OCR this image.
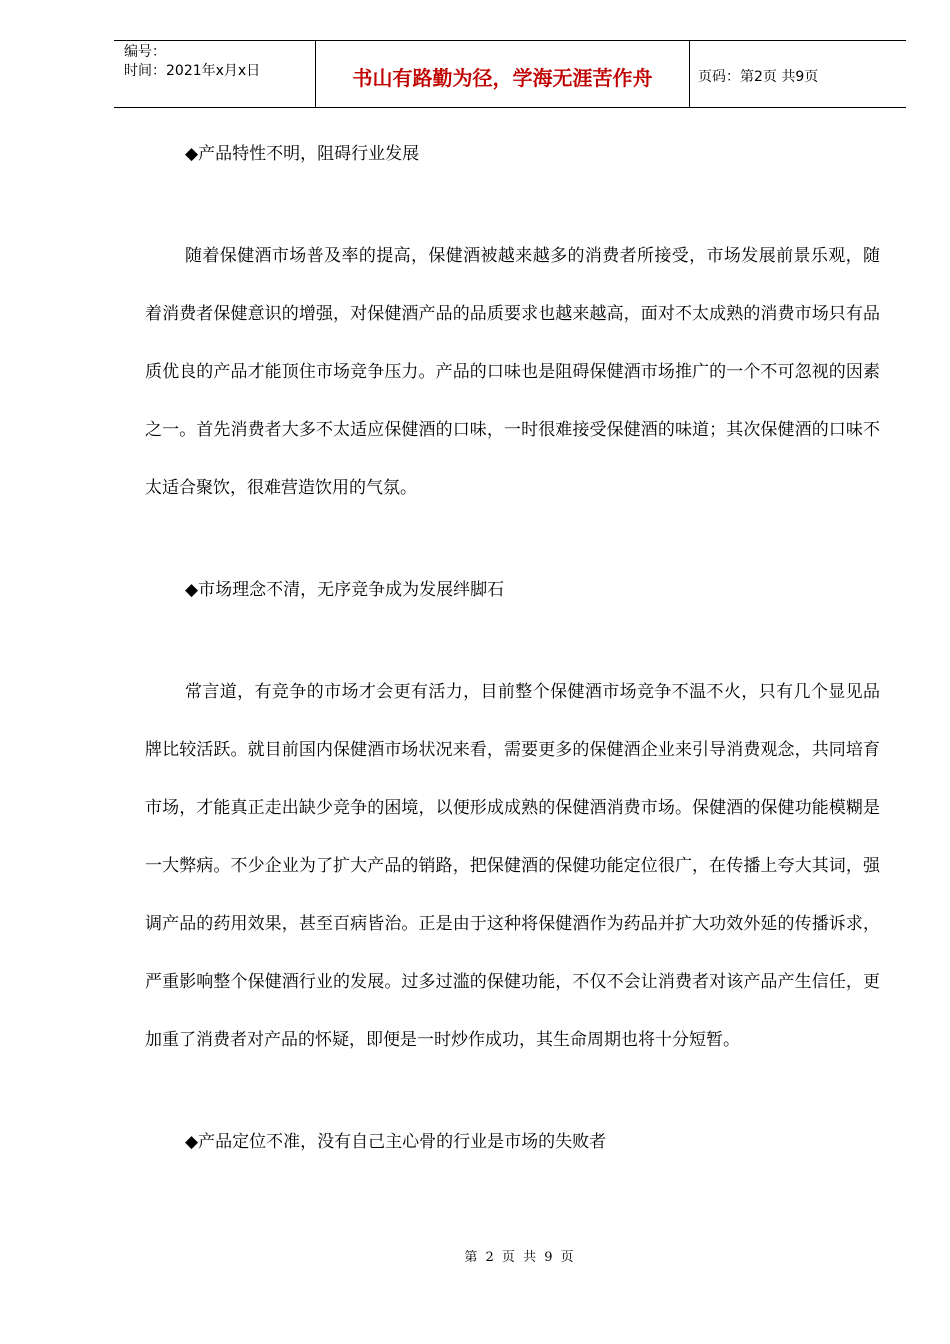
编号：
时间：2021年x月x日	书山有路勤为径，学海无涯苦作舟	页码：第2页 共9页

◆产品特性不明，阻碍行业发展

随着保健酒市场普及率的提高，保健酒被越来越多的消费者所接受，市场发展前景乐观，随着消费者保健意识的增强，对保健酒产品的品质要求也越来越高，面对不太成熟的消费市场只有品质优良的产品才能顶住市场竞争压力。产品的口味也是阻碍保健酒市场推广的一个不可忽视的因素之一。首先消费者大多不太适应保健酒的口味，一时很难接受保健酒的味道；其次保健酒的口味不太适合聚饮，很难营造饮用的气氛。

◆市场理念不清，无序竞争成为发展绊脚石

常言道，有竞争的市场才会更有活力，目前整个保健酒市场竞争不温不火，只有几个显见品牌比较活跃。就目前国内保健酒市场状况来看，需要更多的保健酒企业来引导消费观念，共同培育市场，才能真正走出缺少竞争的困境，以便形成成熟的保健酒消费市场。保健酒的保健功能模糊是一大弊病。不少企业为了扩大产品的销路，把保健酒的保健功能定位很广，在传播上夸大其词，强调产品的药用效果，甚至百病皆治。正是由于这种将保健酒作为药品并扩大功效外延的传播诉求，严重影响整个保健酒行业的发展。过多过滥的保健功能，不仅不会让消费者对该产品产生信任，更加重了消费者对产品的怀疑，即便是一时炒作成功，其生命周期也将十分短暂。

◆产品定位不准，没有自己主心骨的行业是市场的失败者

第 2 页 共 9 页
